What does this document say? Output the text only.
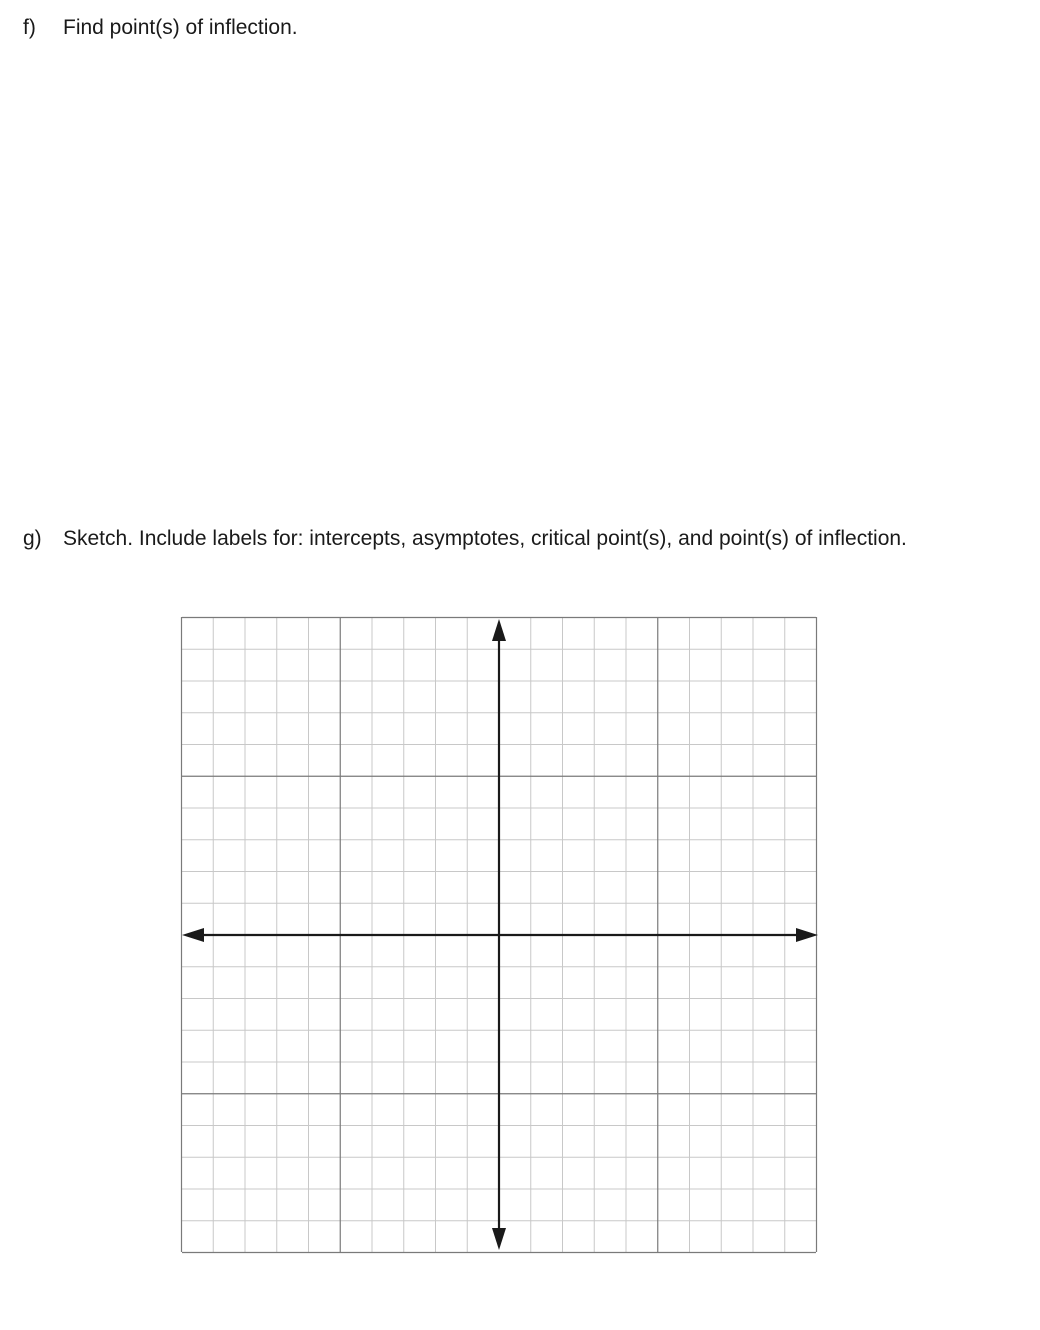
f) Find point(s) of inflection.

g) Sketch. Include labels for: intercepts, asymptotes, critical point(s), and point(s) of inflection.
